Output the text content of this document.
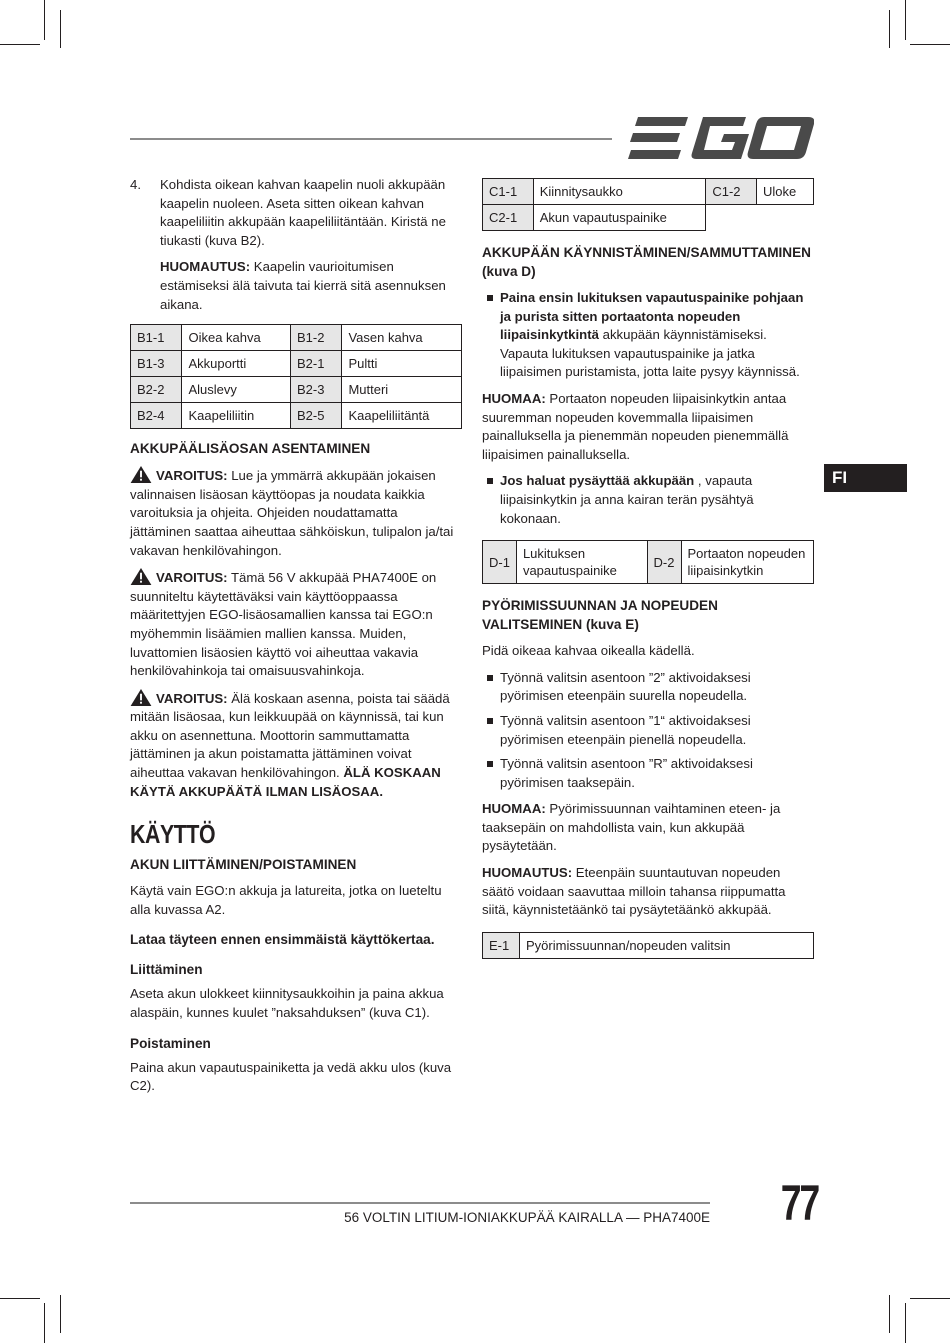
FI
4. Kohdista oikean kahvan kaapelin nuoli akkupään kaapelin nuoleen. Aseta sitten oikean kahvan kaapeliliitin akkupään kaapeliliitäntään. Kiristä ne tiukasti (kuva B2).
HUOMAUTUS: Kaapelin vaurioitumisen estämiseksi älä taivuta tai kierrä sitä asennuksen aikana.
B1-1	Oikea kahva	B1-2	Vasen kahva
B1-3	Akkuportti	B2-1	Pultti
B2-2	Aluslevy	B2-3	Mutteri
B2-4	Kaapeliliitin	B2-5	Kaapeliliitäntä
AKKUPÄÄLISÄOSAN ASENTAMINEN

VAROITUS: Lue ja ymmärrä akkupään jokaisen valinnaisen lisäosan käyttöopas ja noudata kaikkia varoituksia ja ohjeita. Ohjeiden noudattamatta jättäminen saattaa aiheuttaa sähköiskun, tulipalon ja/tai vakavan henkilövahingon.

VAROITUS: Tämä 56 V akkupää PHA7400E on suunniteltu käytettäväksi vain käyttöoppaassa määritettyjen EGO-lisäosamallien kanssa tai EGO:n myöhemmin lisäämien mallien kanssa. Muiden, luvattomien lisäosien käyttö voi aiheuttaa vakavia henkilövahinkoja tai omaisuusvahinkoja.

VAROITUS: Älä koskaan asenna, poista tai säädä mitään lisäosaa, kun leikkuupää on käynnissä, tai kun akku on asennettuna. Moottorin sammuttamatta jättäminen ja akun poistamatta jättäminen voivat aiheuttaa vakavan henkilövahingon. ÄLÄ KOSKAAN KÄYTÄ AKKUPÄÄTÄ ILMAN LISÄOSAA.

KÄYTTÖ
AKUN LIITTÄMINEN/POISTAMINEN

Käytä vain EGO:n akkuja ja latureita, jotka on lueteltu alla kuvassa A2.

Lataa täyteen ennen ensimmäistä käyttökertaa.
Liittäminen

Aseta akun ulokkeet kiinnitysaukkoihin ja paina akkua alaspäin, kunnes kuulet ”naksahduksen” (kuva C1).

Poistaminen

Paina akun vapautuspainiketta ja vedä akku ulos (kuva C2).

C1-1	Kiinnitysaukko	C1-2	Uloke
C2-1	Akun vapautuspainike		
AKKUPÄÄN KÄYNNISTÄMINEN/SAMMUTTAMINEN (kuva D)
Paina ensin lukituksen vapautuspainike pohjaan ja purista sitten portaatonta nopeuden liipaisinkytkintä akkupään käynnistämiseksi. Vapauta lukituksen vapautuspainike ja jatka liipaisimen puristamista, jotta laite pysyy käynnissä.

HUOMAA: Portaaton nopeuden liipaisinkytkin antaa suuremman nopeuden kovemmalla liipaisimen painalluksella ja pienemmän nopeuden pienemmällä liipaisimen painalluksella.

Jos haluat pysäyttää akkupään , vapauta liipaisinkytkin ja anna kairan terän pysähtyä kokonaan.
D-1	Lukituksen vapautuspainike	D-2	Portaaton nopeuden liipaisinkytkin
PYÖRIMISSUUNNAN JA NOPEUDEN VALITSEMINEN (kuva E)

Pidä oikeaa kahvaa oikealla kädellä.

Työnnä valitsin asentoon ”2” aktivoidaksesi pyörimisen eteenpäin suurella nopeudella.
Työnnä valitsin asentoon ”1“ aktivoidaksesi pyörimisen eteenpäin pienellä nopeudella.
Työnnä valitsin asentoon ”R” aktivoidaksesi pyörimisen taaksepäin.

HUOMAA: Pyörimissuunnan vaihtaminen eteen- ja taaksepäin on mahdollista vain, kun akkupää pysäytetään.

HUOMAUTUS: Eteenpäin suuntautuvan nopeuden säätö voidaan saavuttaa milloin tahansa riippumatta siitä, käynnistetäänkö tai pysäytetäänkö akkupää.

E-1	Pyörimissuunnan/nopeuden valitsin
56 VOLTIN LITIUM-IONIAKKUPÄÄ KAIRALLA — PHA7400E 77
